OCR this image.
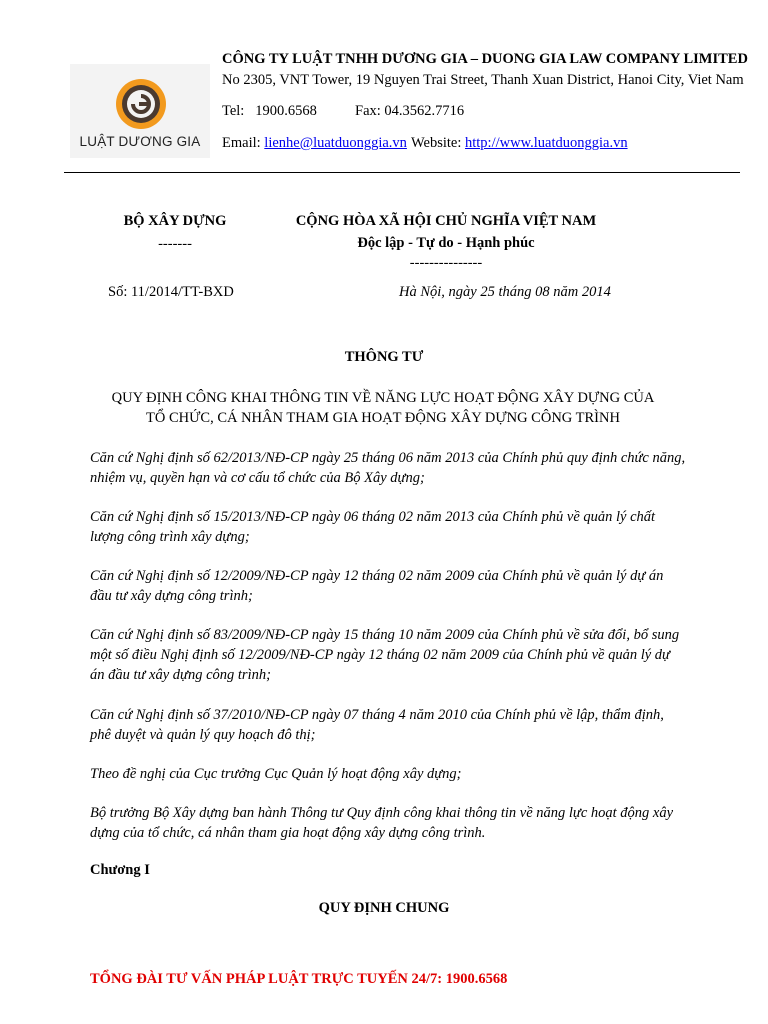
LUẬT DƯƠNG GIA
CÔNG TY LUẬT TNHH DƯƠNG GIA – DUONG GIA LAW COMPANY LIMITED
No 2305, VNT Tower, 19 Nguyen Trai Street, Thanh Xuan District, Hanoi City, Viet Nam
Tel: 1900.6568	Fax: 04.3562.7716
Email: lienhe@luatduonggia.vn Website: http://www.luatduonggia.vn
BỘ XÂY DỰNG
-------
CỘNG HÒA XÃ HỘI CHỦ NGHĨA VIỆT NAM
Độc lập - Tự do - Hạnh phúc
---------------
Số: 11/2014/TT-BXD	Hà Nội, ngày 25 tháng 08 năm 2014
THÔNG TƯ
QUY ĐỊNH CÔNG KHAI THÔNG TIN VỀ NĂNG LỰC HOẠT ĐỘNG XÂY DỰNG CỦA
TỔ CHỨC, CÁ NHÂN THAM GIA HOẠT ĐỘNG XÂY DỰNG CÔNG TRÌNH
Căn cứ Nghị định số 62/2013/NĐ-CP ngày 25 tháng 06 năm 2013 của Chính phủ quy định chức năng, nhiệm vụ, quyền hạn và cơ cấu tổ chức của Bộ Xây dựng;
Căn cứ Nghị định số 15/2013/NĐ-CP ngày 06 tháng 02 năm 2013 của Chính phủ về quản lý chất lượng công trình xây dựng;
Căn cứ Nghị định số 12/2009/NĐ-CP ngày 12 tháng 02 năm 2009 của Chính phủ về quản lý dự án đầu tư xây dựng công trình;
Căn cứ Nghị định số 83/2009/NĐ-CP ngày 15 tháng 10 năm 2009 của Chính phủ về sửa đổi, bổ sung một số điều Nghị định số 12/2009/NĐ-CP ngày 12 tháng 02 năm 2009 của Chính phủ về quản lý dự án đầu tư xây dựng công trình;
Căn cứ Nghị định số 37/2010/NĐ-CP ngày 07 tháng 4 năm 2010 của Chính phủ về lập, thẩm định, phê duyệt và quản lý quy hoạch đô thị;
Theo đề nghị của Cục trưởng Cục Quản lý hoạt động xây dựng;
Bộ trưởng Bộ Xây dựng ban hành Thông tư Quy định công khai thông tin về năng lực hoạt động xây dựng của tổ chức, cá nhân tham gia hoạt động xây dựng công trình.
Chương I
QUY ĐỊNH CHUNG
TỔNG ĐÀI TƯ VẤN PHÁP LUẬT TRỰC TUYẾN 24/7: 1900.6568
